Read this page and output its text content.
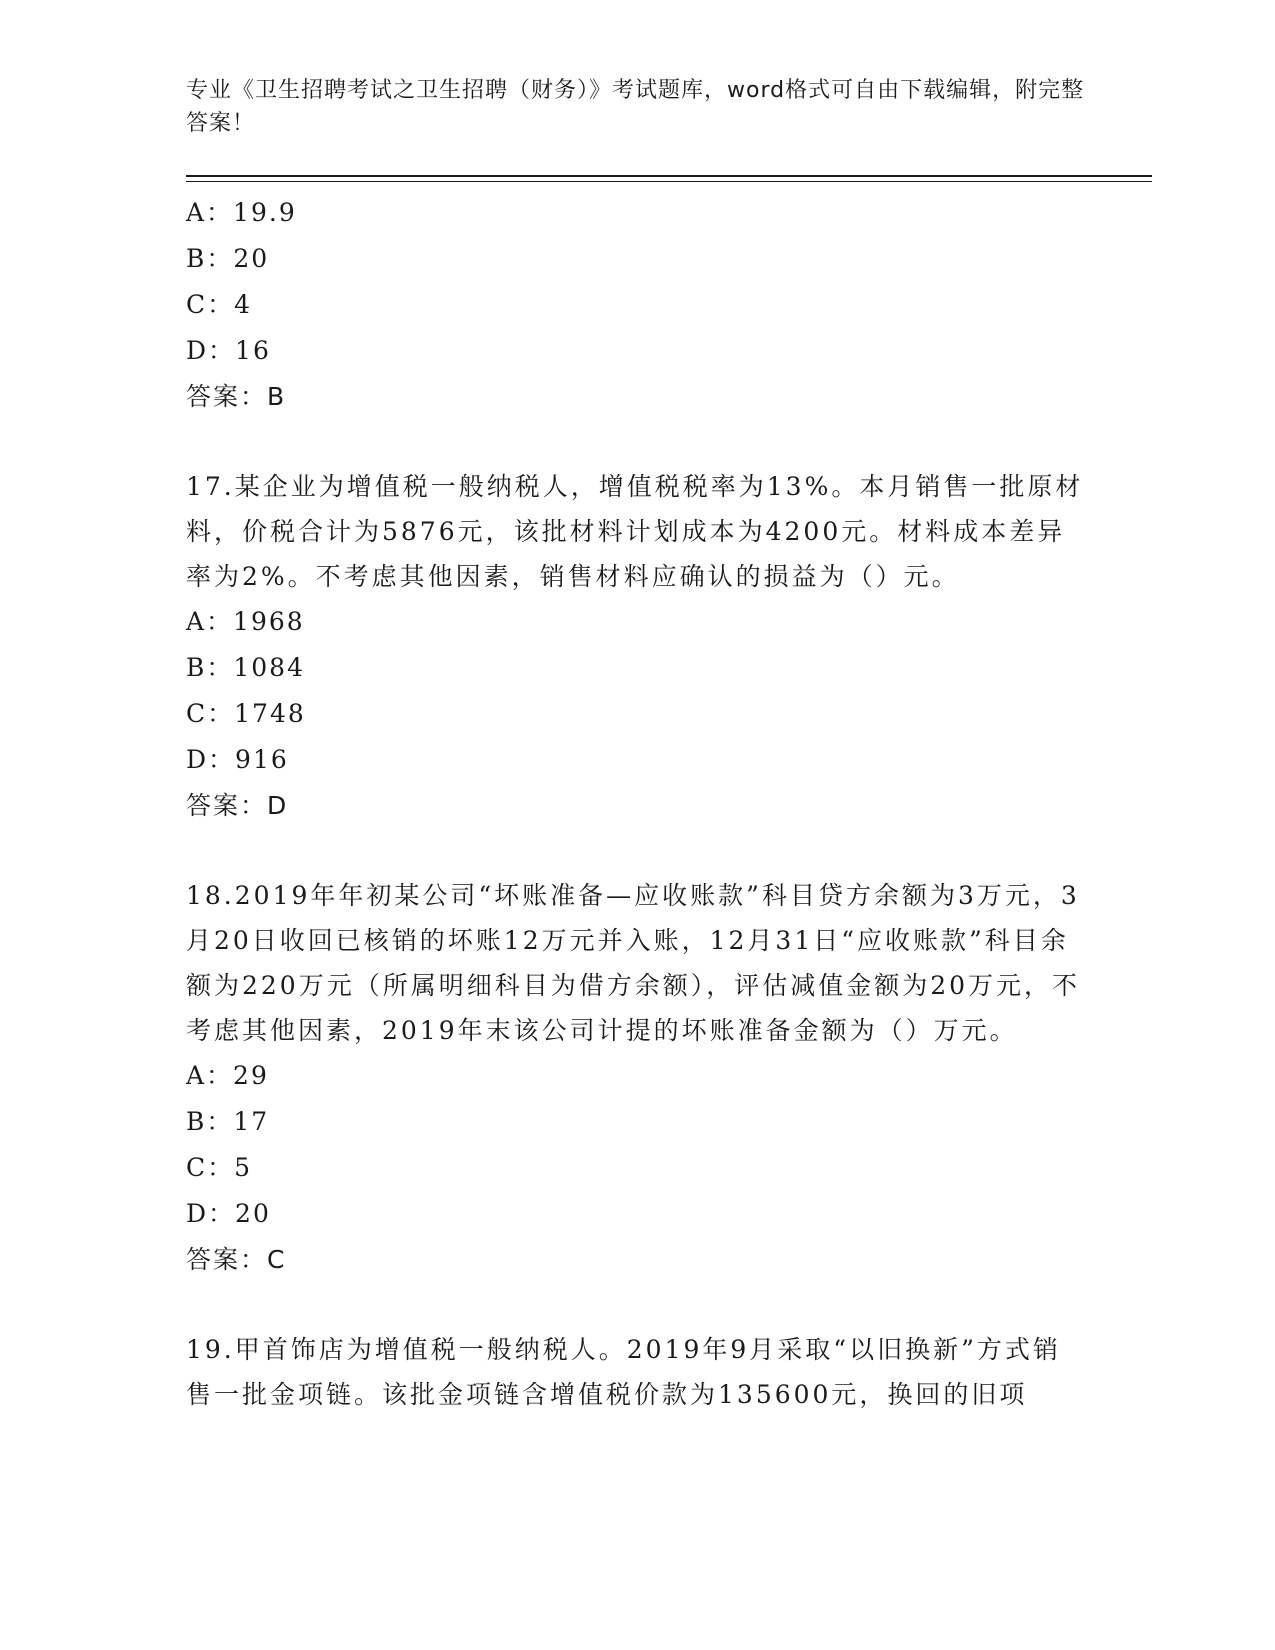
专业《卫生招聘考试之卫生招聘（财务）》考试题库，word格式可自由下载编辑，附完整答案！
A：19.9
B：20
C：4
D：16
答案：B
17.某企业为增值税一般纳税人，增值税税率为13%。本月销售一批原材料，价税合计为5876元，该批材料计划成本为4200元。材料成本差异率为2%。不考虑其他因素，销售材料应确认的损益为（）元。
A：1968
B：1084
C：1748
D：916
答案：D
18.2019年年初某公司“坏账准备—应收账款”科目贷方余额为3万元，3月20日收回已核销的坏账12万元并入账，12月31日“应收账款”科目余额为220万元（所属明细科目为借方余额），评估减值金额为20万元，不考虑其他因素，2019年末该公司计提的坏账准备金额为（）万元。
A：29
B：17
C：5
D：20
答案：C
19.甲首饰店为增值税一般纳税人。2019年9月采取“以旧换新”方式销售一批金项链。该批金项链含增值税价款为135600元，换回的旧项
